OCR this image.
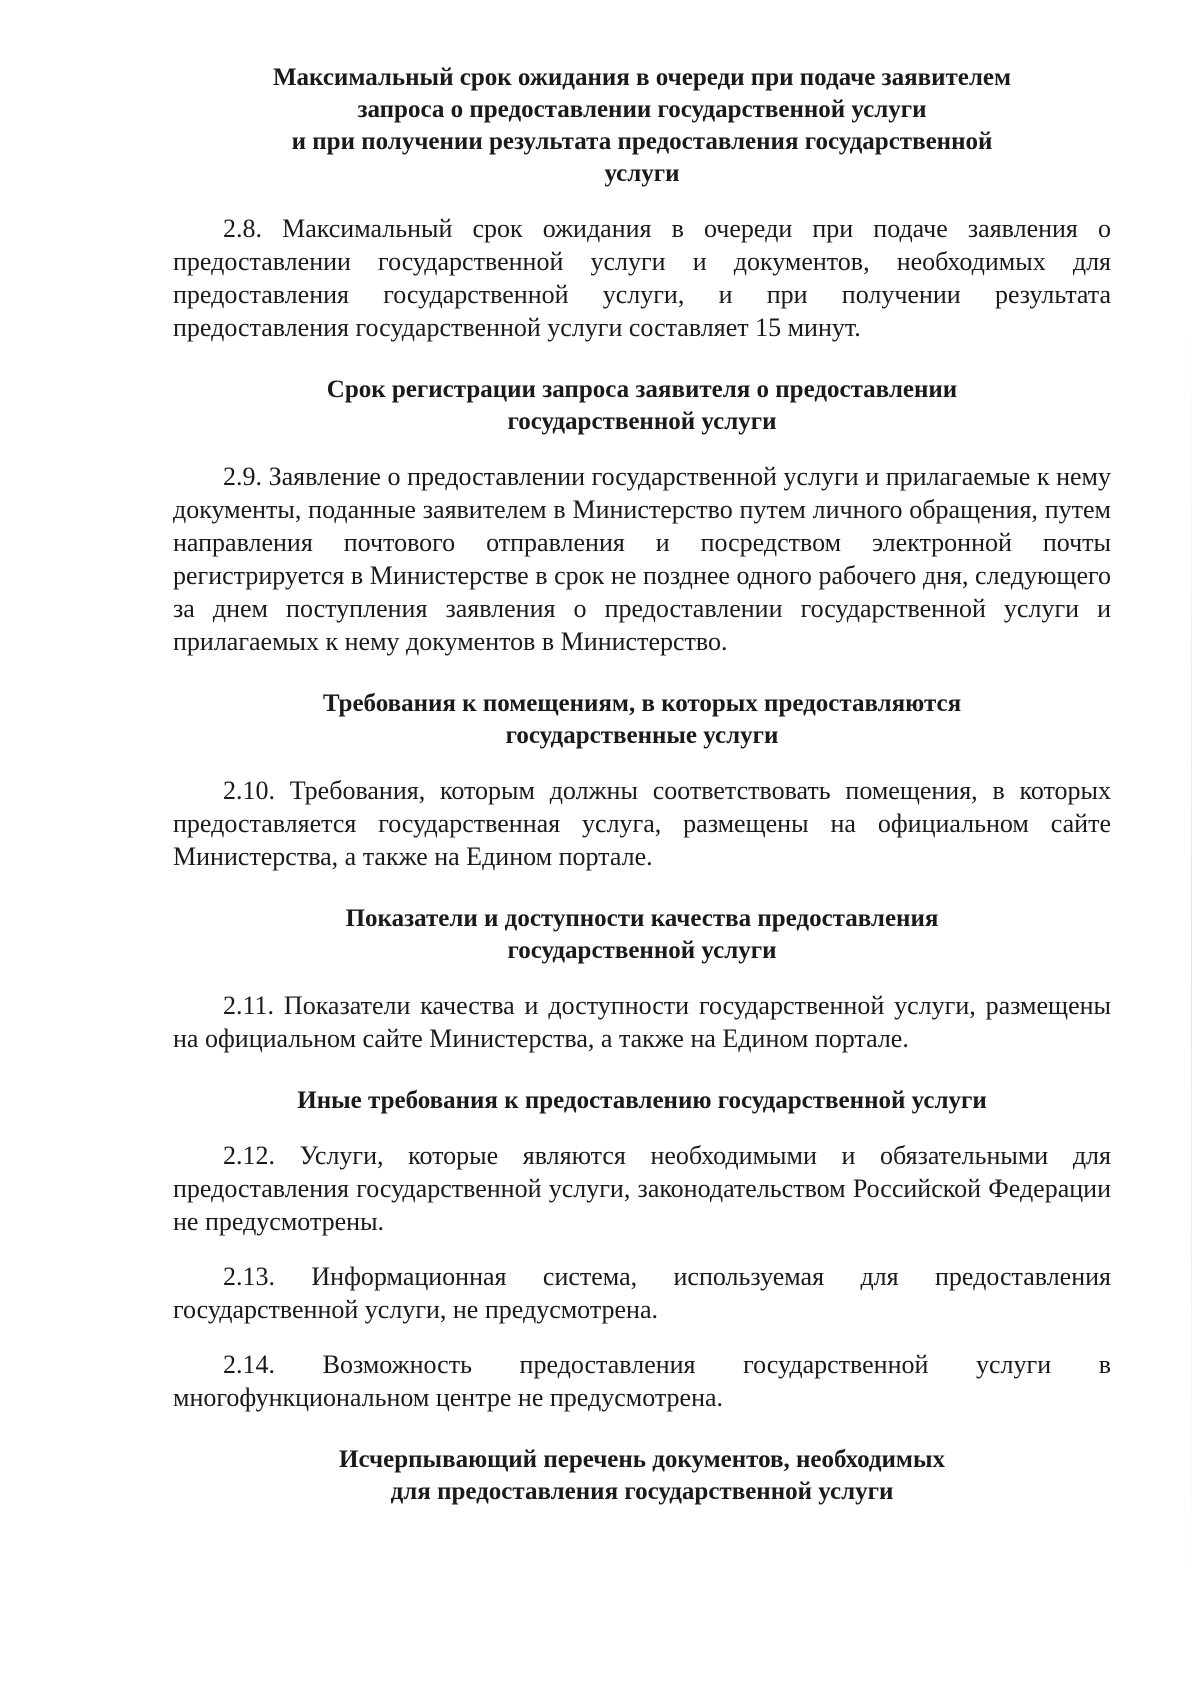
Максимальный срок ожидания в очереди при подаче заявителем
запроса о предоставлении государственной услуги
и при получении результата предоставления государственной
услуги

2.8. Максимальный срок ожидания в очереди при подаче заявления о предоставлении государственной услуги и документов, необходимых для предоставления государственной услуги, и при получении результата предоставления государственной услуги составляет 15 минут.

Срок регистрации запроса заявителя о предоставлении
государственной услуги

2.9. Заявление о предоставлении государственной услуги и прилагаемые к нему документы, поданные заявителем в Министерство путем личного обращения, путем направления почтового отправления и посредством электронной почты регистрируется в Министерстве в срок не позднее одного рабочего дня, следующего за днем поступления заявления о предоставлении государственной услуги и прилагаемых к нему документов в Министерство.

Требования к помещениям, в которых предоставляются
государственные услуги

2.10. Требования, которым должны соответствовать помещения, в которых предоставляется государственная услуга, размещены на официальном сайте Министерства, а также на Едином портале.

Показатели и доступности качества предоставления
государственной услуги

2.11. Показатели качества и доступности государственной услуги, размещены на официальном сайте Министерства, а также на Едином портале.

Иные требования к предоставлению государственной услуги

2.12. Услуги, которые являются необходимыми и обязательными для предоставления государственной услуги, законодательством Российской Федерации не предусмотрены.

2.13. Информационная система, используемая для предоставления государственной услуги, не предусмотрена.

2.14. Возможность предоставления государственной услуги в многофункциональном центре не предусмотрена.

Исчерпывающий перечень документов, необходимых
для предоставления государственной услуги
